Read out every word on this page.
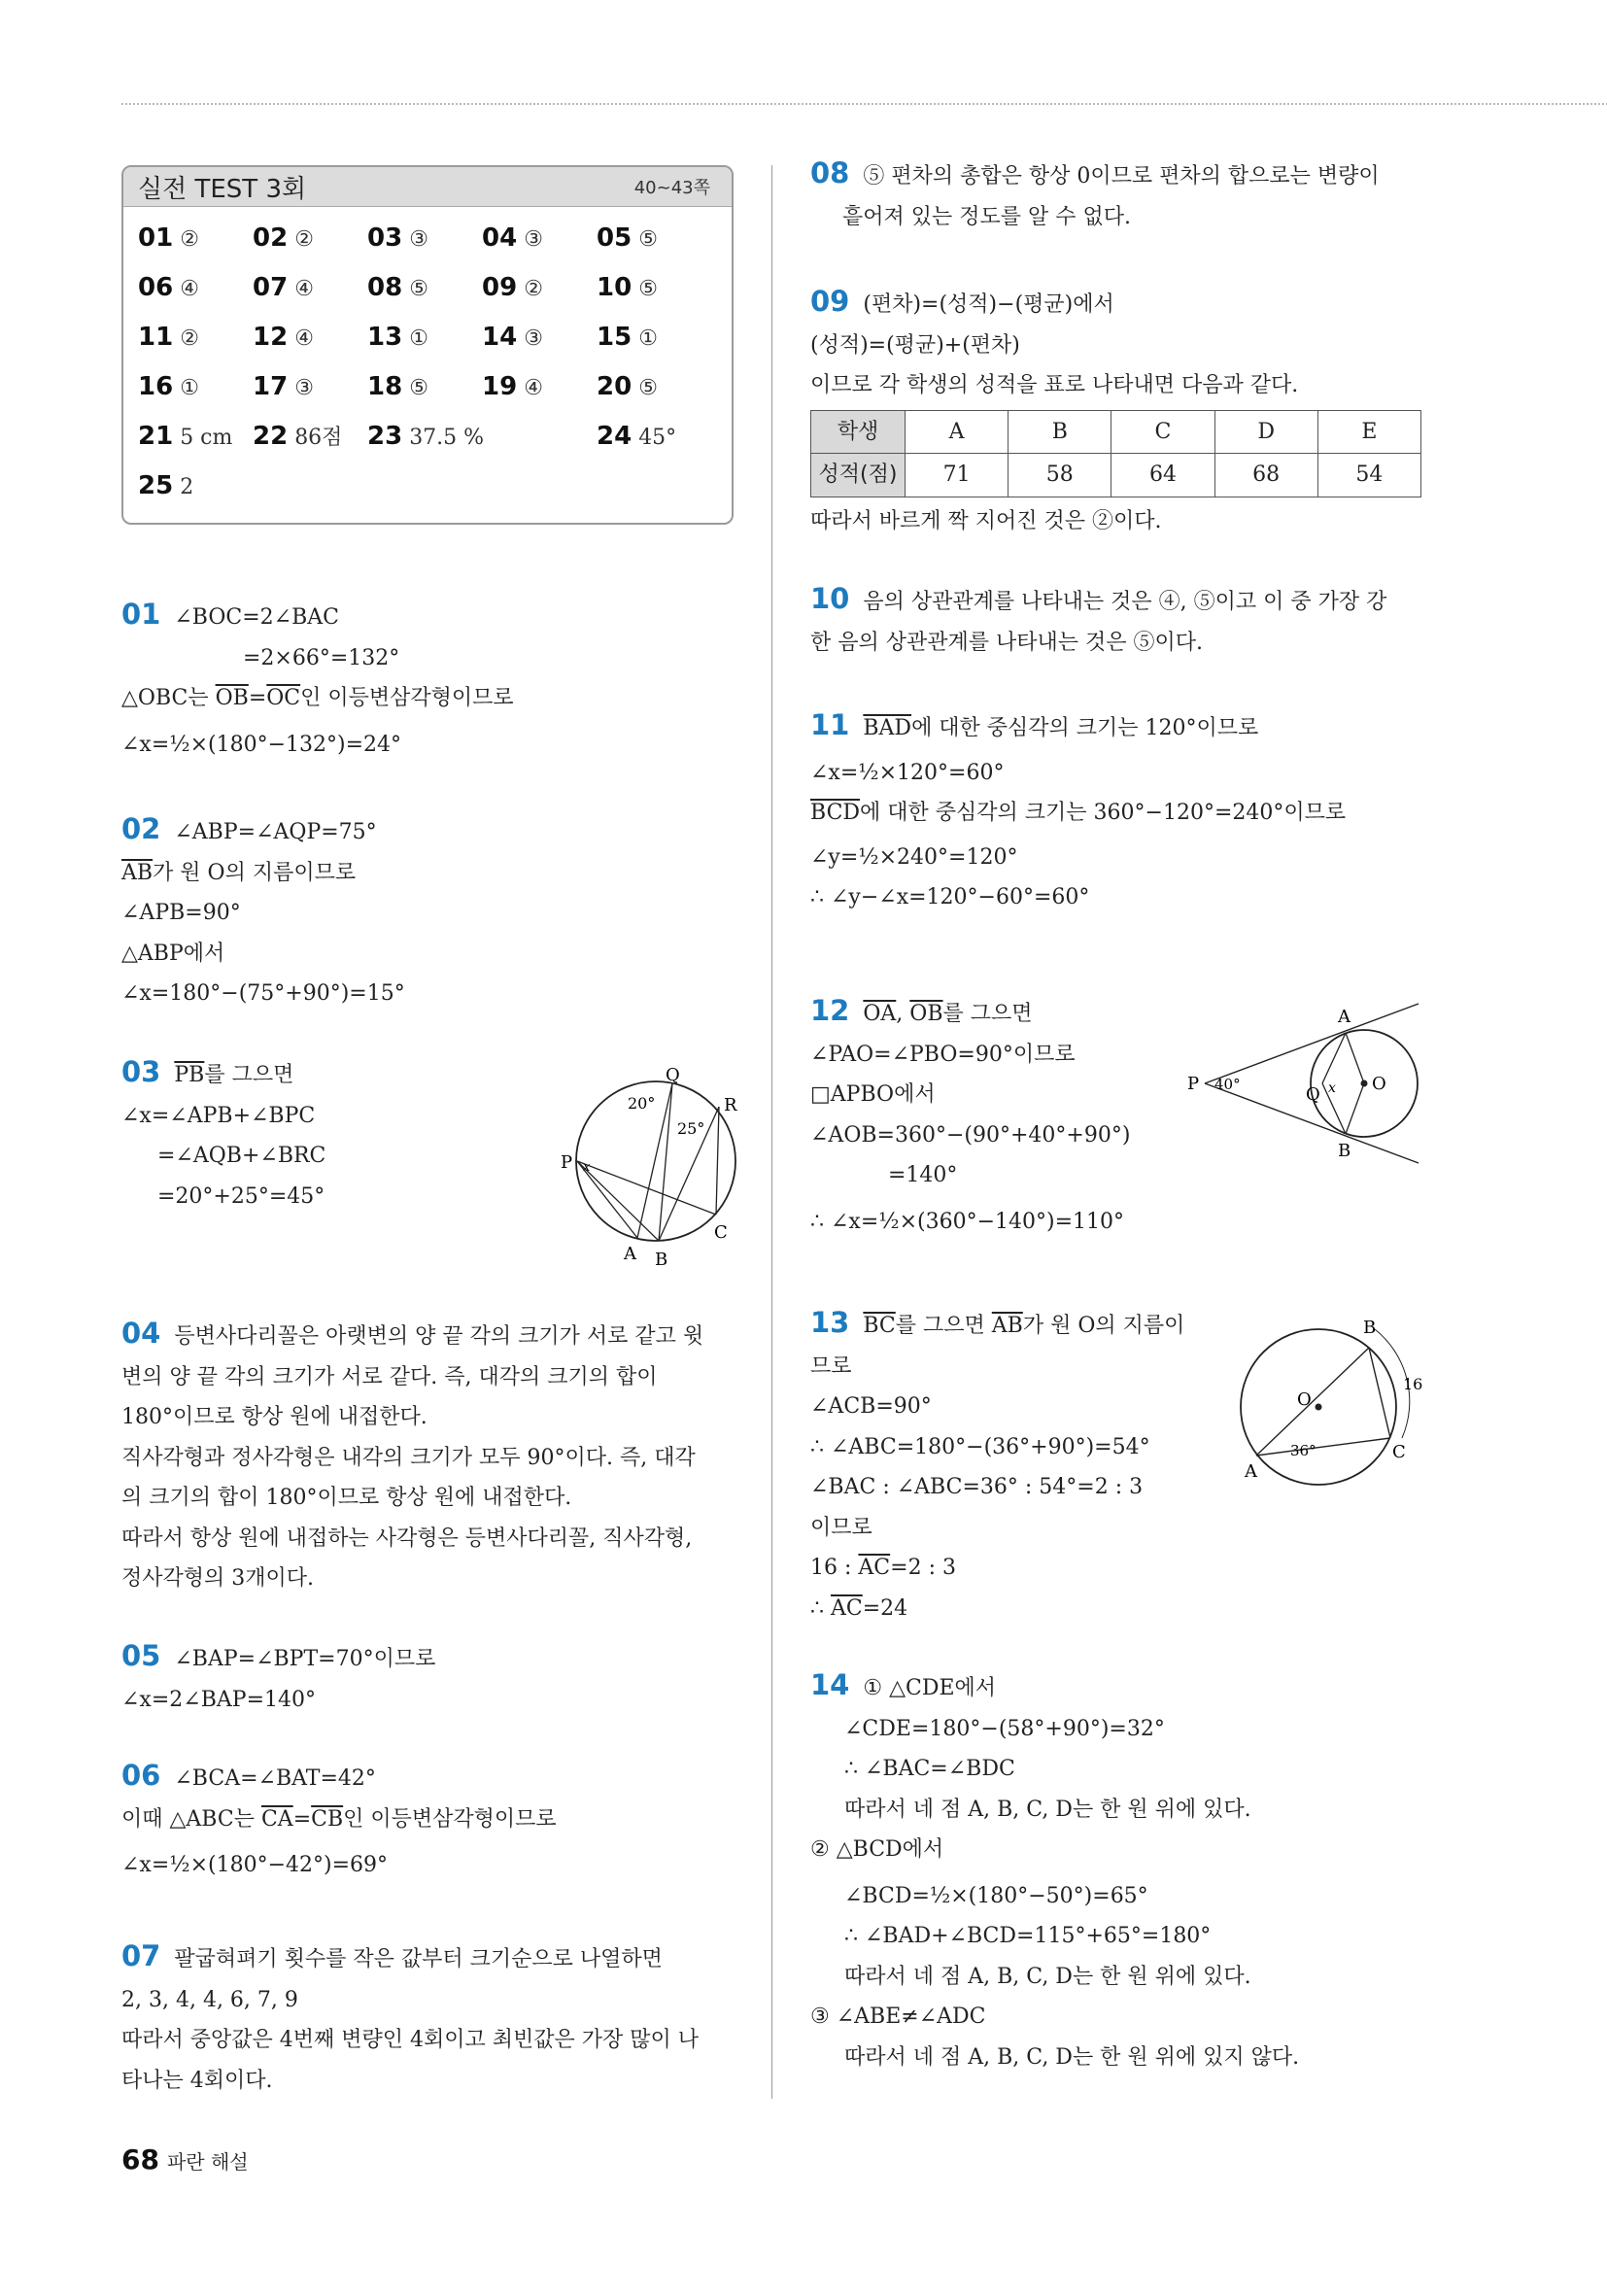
실전 TEST 3회	40~43쪽
01 ②	02 ②	03 ③	04 ③	05 ⑤
06 ④	07 ④	08 ⑤	09 ②	10 ⑤
11 ②	12 ④	13 ①	14 ③	15 ①
16 ①	17 ③	18 ⑤	19 ④	20 ⑤
21 5 cm 22 86점 23 37.5 %	24 45°
25 2
01 ∠BOC=2∠BAC
=2×66°=132°
△OBC는 $\overline{OB}=\overline{OC}$인 이등변삼각형이므로
∠x=½×(180°−132°)=24°
02 ∠ABP=∠AQP=75°
$\overline{AB}$가 원 O의 지름이므로
∠APB=90°
△ABP에서
∠x=180°−(75°+90°)=15°
03 $\overline{PB}$를 그으면
∠x=∠APB+∠BPC
=∠AQB+∠BRC
=20°+25°=45°
P
Q
R
A B
C
20°
25°
x
04 등변사다리꼴은 아랫변의 양 끝 각의 크기가 서로 같고 윗
변의 양 끝 각의 크기가 서로 같다. 즉, 대각의 크기의 합이
180°이므로 항상 원에 내접한다.
직사각형과 정사각형은 내각의 크기가 모두 90°이다. 즉, 대각
의 크기의 합이 180°이므로 항상 원에 내접한다.
따라서 항상 원에 내접하는 사각형은 등변사다리꼴, 직사각형,
정사각형의 3개이다.
05 ∠BAP=∠BPT=70°이므로
∠x=2∠BAP=140°
06 ∠BCA=∠BAT=42°
이때 △ABC는 $\overline{CA}=\overline{CB}$인 이등변삼각형이므로
∠x=½×(180°−42°)=69°
07 팔굽혀펴기 횟수를 작은 값부터 크기순으로 나열하면
2, 3, 4, 4, 6, 7, 9
따라서 중앙값은 4번째 변량인 4회이고 최빈값은 가장 많이 나
타나는 4회이다.
08 ⑤ 편차의 총합은 항상 0이므로 편차의 합으로는 변량이
흩어져 있는 정도를 알 수 없다.
09 (편차)=(성적)−(평균)에서
(성적)=(평균)+(편차)
이므로 각 학생의 성적을 표로 나타내면 다음과 같다.
학생	A	B	C	D	E
성적(점)	71	58	64	68	54
따라서 바르게 짝 지어진 것은 ②이다.
10 음의 상관관계를 나타내는 것은 ④, ⑤이고 이 중 가장 강
한 음의 상관관계를 나타내는 것은 ⑤이다.
11 $\overline{BAD}$에 대한 중심각의 크기는 120°이므로
∠x=½×120°=60°
$\overline{BCD}$에 대한 중심각의 크기는 360°−120°=240°이므로
∠y=½×240°=120°
∴ ∠y−∠x=120°−60°=60°
12 $\overline{OA}$, $\overline{OB}$를 그으면
∠PAO=∠PBO=90°이므로
□APBO에서
∠AOB=360°−(90°+40°+90°)
=140°
∴ ∠x=½×(360°−140°)=110°
P
A
B
O
Q
40°	x
13 $\overline{BC}$를 그으면 $\overline{AB}$가 원 O의 지름이
므로
∠ACB=90°
∴ ∠ABC=180°−(36°+90°)=54°
∠BAC : ∠ABC=36° : 54°=2 : 3
이므로
16 : $\overline{AC}=2$ : 3
∴ $\overline{AC}=24$
B
C
A
O
36°
16
14 ① △CDE에서
∠CDE=180°−(58°+90°)=32°
∴ ∠BAC=∠BDC
따라서 네 점 A, B, C, D는 한 원 위에 있다.
② △BCD에서
∠BCD=½×(180°−50°)=65°
∴ ∠BAD+∠BCD=115°+65°=180°
따라서 네 점 A, B, C, D는 한 원 위에 있다.
③ ∠ABE≠∠ADC
따라서 네 점 A, B, C, D는 한 원 위에 있지 않다.
68 파란 해설
